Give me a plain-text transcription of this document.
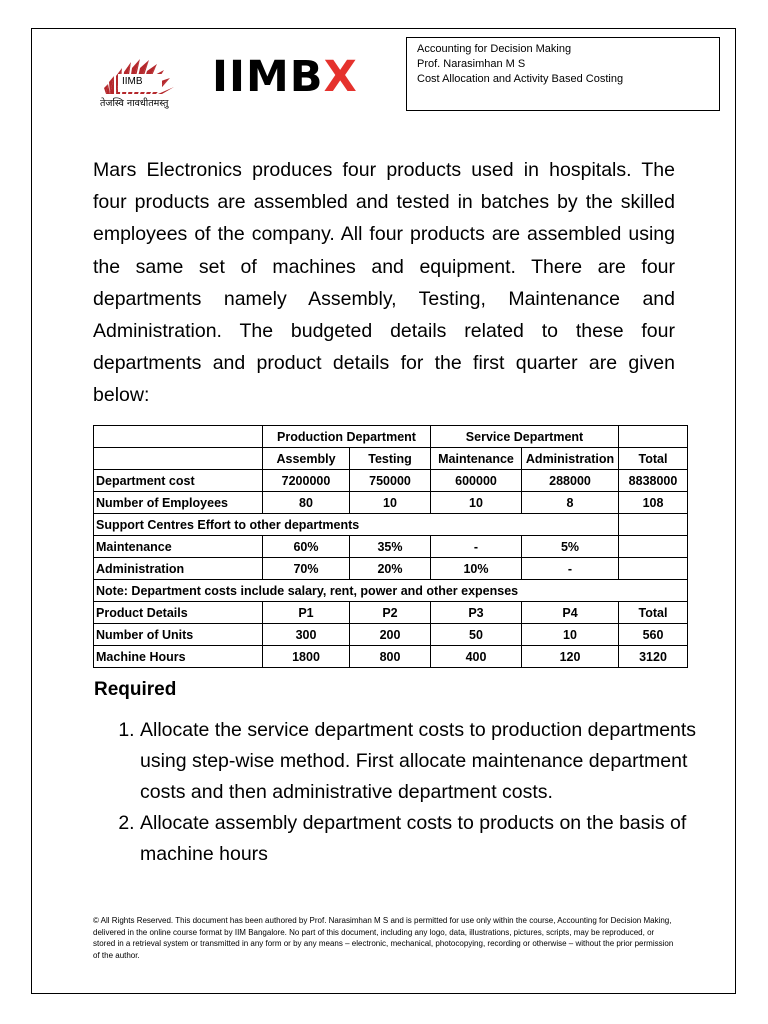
IIMB
तेजस्वि नावधीतमस्तु
IIMBX
Accounting for Decision Making
Prof. Narasimhan M S
Cost Allocation and Activity Based Costing

Mars Electronics produces four products used in hospitals. The four products are assembled and tested in batches by the skilled employees of the company. All four products are assembled using the same set of machines and equipment. There are four departments namely Assembly, Testing, Maintenance and Administration. The budgeted details related to these four departments and product details for the first quarter are given below:

	Production Department		Service Department		
	Assembly	Testing	Maintenance	Administration	Total
Department cost	7200000	750000	600000	288000	8838000
Number of Employees	80	10	10	8	108
Support Centres Effort to other departments					
Maintenance	60%	35%	-	5%	
Administration	70%	20%	10%	-	
Note: Department costs include salary, rent, power and other expenses					
Product Details	P1	P2	P3	P4	Total
Number of Units	300	200	50	10	560
Machine Hours	1800	800	400	120	3120
Required
1. Allocate the service department costs to production departments using step-wise method. First allocate maintenance department costs and then administrative department costs.
2. Allocate assembly department costs to products on the basis of machine hours
© All Rights Reserved. This document has been authored by Prof. Narasimhan M S and is permitted for use only within the course, Accounting for Decision Making, delivered in the online course format by IIM Bangalore. No part of this document, including any logo, data, illustrations, pictures, scripts, may be reproduced, or stored in a retrieval system or transmitted in any form or by any means – electronic, mechanical, photocopying, recording or otherwise – without the prior permission of the author.
